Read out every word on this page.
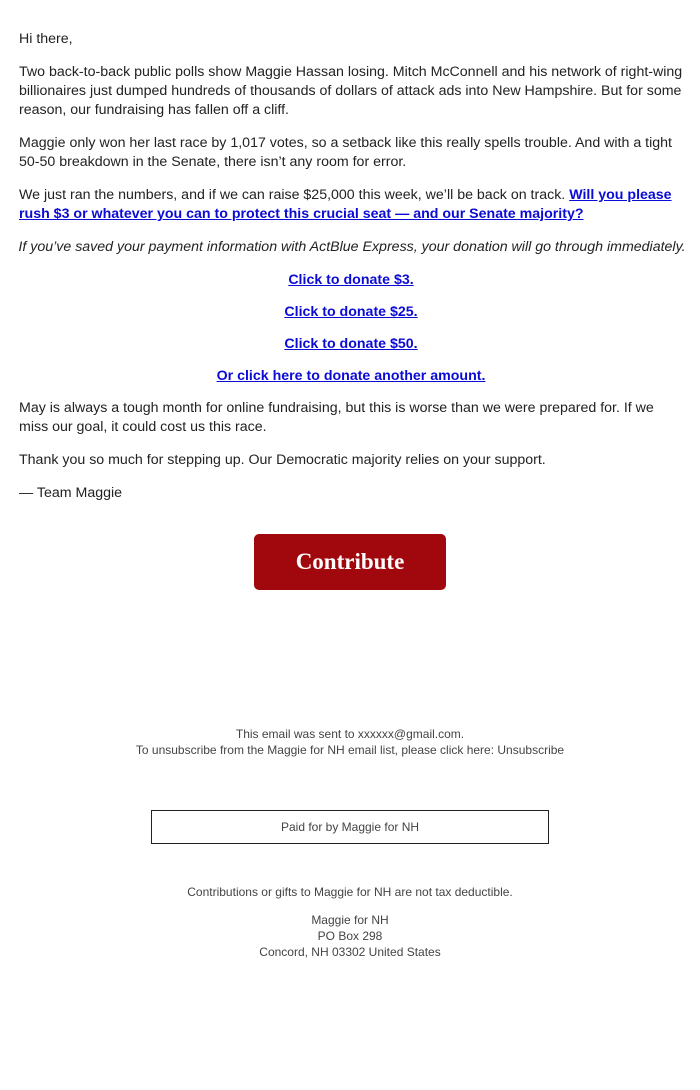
Hi there,

Two back-to-back public polls show Maggie Hassan losing. Mitch McConnell and his network of right-wing billionaires just dumped hundreds of thousands of dollars of attack ads into New Hampshire. But for some reason, our fundraising has fallen off a cliff.

Maggie only won her last race by 1,017 votes, so a setback like this really spells trouble. And with a tight 50-50 breakdown in the Senate, there isn’t any room for error.

We just ran the numbers, and if we can raise $25,000 this week, we’ll be back on track. Will you please rush $3 or whatever you can to protect this crucial seat — and our Senate majority?

If you’ve saved your payment information with ActBlue Express, your donation will go through immediately.

Click to donate $3.
Click to donate $25.
Click to donate $50.
Or click here to donate another amount.

May is always a tough month for online fundraising, but this is worse than we were prepared for. If we miss our goal, it could cost us this race.

Thank you so much for stepping up. Our Democratic majority relies on your support.

— Team Maggie

Contribute
This email was sent to xxxxxx@gmail.com.
To unsubscribe from the Maggie for NH email list, please click here: Unsubscribe
Paid for by Maggie for NH
Contributions or gifts to Maggie for NH are not tax deductible.
Maggie for NH
PO Box 298
Concord, NH 03302 United States
